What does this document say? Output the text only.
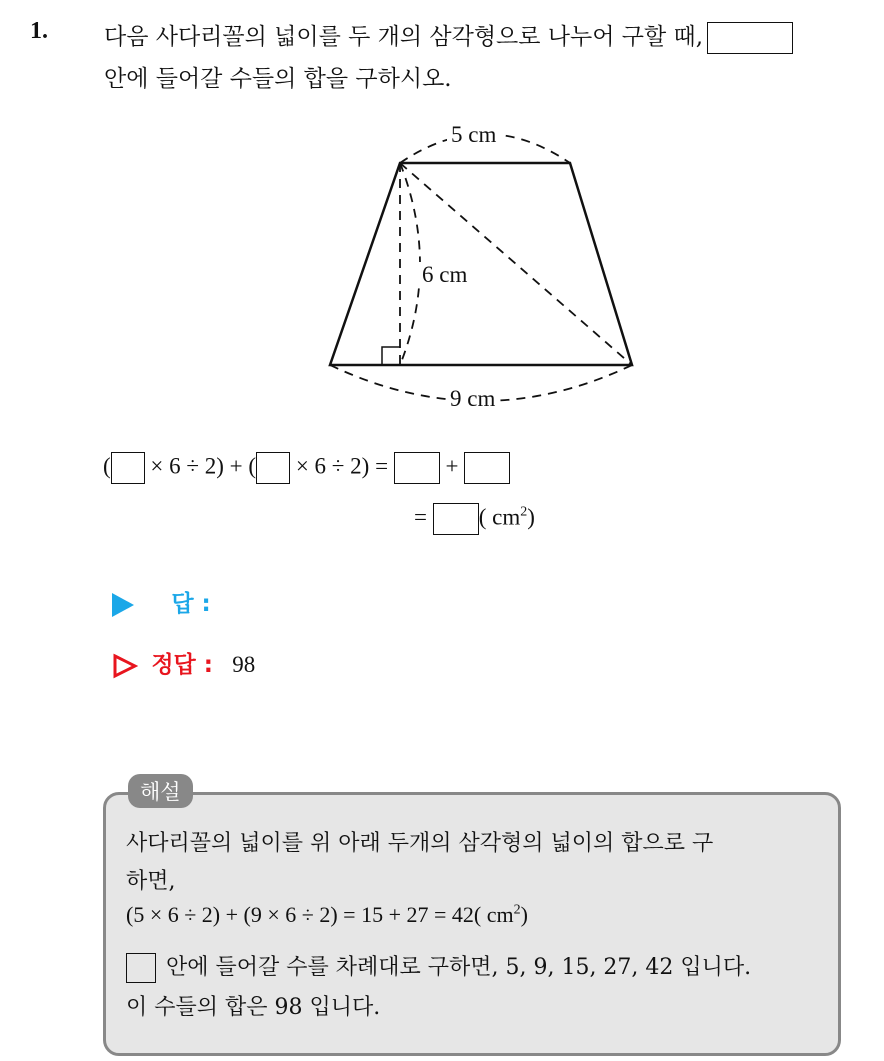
1. 다음 사다리꼴의 넓이를 두 개의 삼각형으로 나누어 구할 때,
안에 들어갈 수들의 합을 구하시오.
5 cm
6 cm
9 cm
( × 6 ÷ 2) + ( × 6 ÷ 2) =	+
= ( $cm^2$)
답 :
정답 : 98
해설
사다리꼴의 넓이를 위 아래 두개의 삼각형의 넓이의 합으로 구
하면,
(5 × 6 ÷ 2) + (9 × 6 ÷ 2) = 15 + 27 = 42( $cm^2$)
안에 들어갈 수를 차례대로 구하면, 5, 9, 15, 27, 42 입니다.
이 수들의 합은 98 입니다.
